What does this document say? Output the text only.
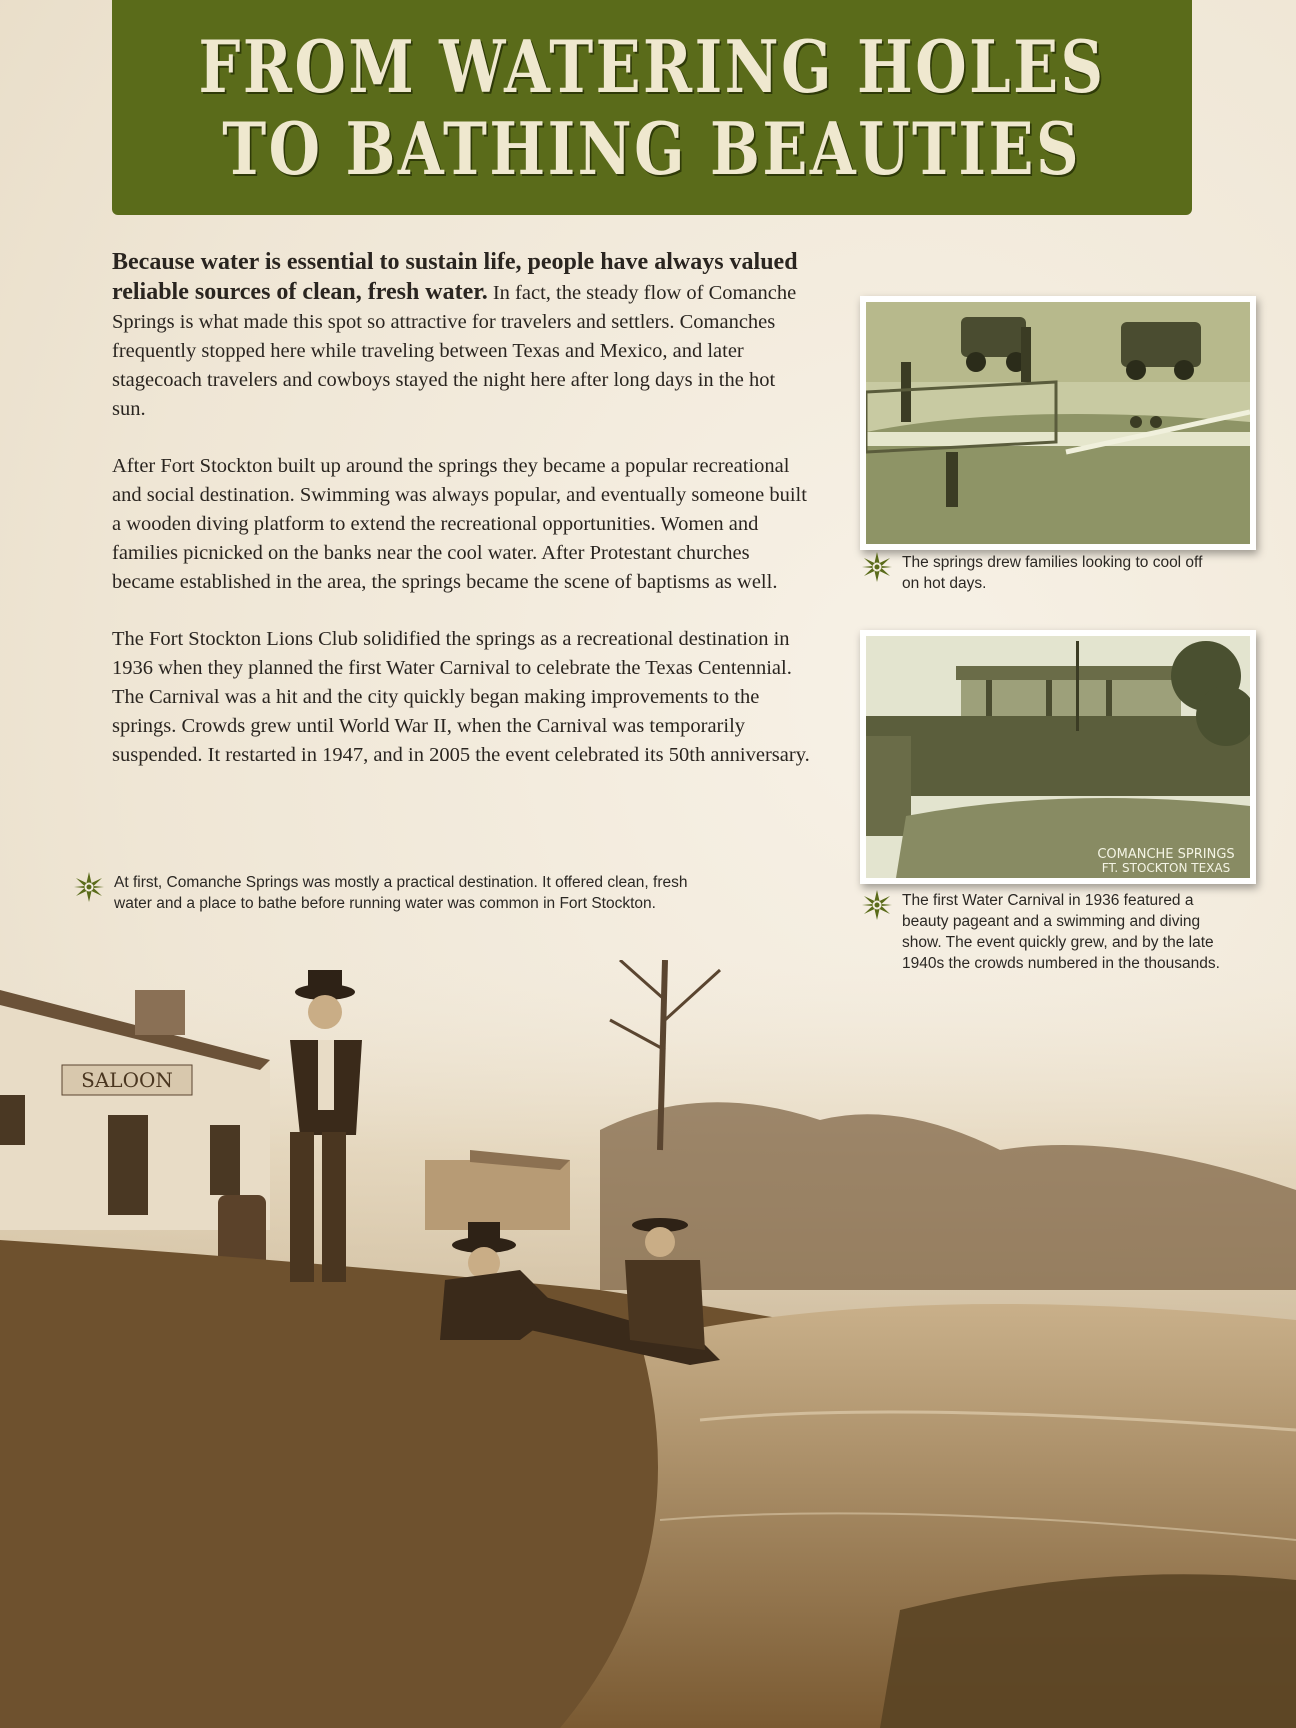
FROM WATERING HOLES
TO BATHING BEAUTIES

Because water is essential to sustain life, people have always valued reliable sources of clean, fresh water. In fact, the steady flow of Comanche Springs is what made this spot so attractive for travelers and settlers. Comanches frequently stopped here while traveling between Texas and Mexico, and later stagecoach travelers and cowboys stayed the night here after long days in the hot sun.

After Fort Stockton built up around the springs they became a popular recreational and social destination. Swimming was always popular, and eventually someone built a wooden diving platform to extend the recreational opportunities. Women and families picnicked on the banks near the cool water. After Protestant churches became established in the area, the springs became the scene of baptisms as well.

The Fort Stockton Lions Club solidified the springs as a recreational destination in 1936 when they planned the first Water Carnival to celebrate the Texas Centennial. The Carnival was a hit and the city quickly began making improvements to the springs. Crowds grew until World War II, when the Carnival was temporarily suspended. It restarted in 1947, and in 2005 the event celebrated its 50th anniversary.

SALOON
The springs drew families looking to cool off on hot days.
COMANCHE SPRINGS
FT. STOCKTON TEXAS
The first Water Carnival in 1936 featured a beauty pageant and a swimming and diving show. The event quickly grew, and by the late 1940s the crowds numbered in the thousands.
At first, Comanche Springs was mostly a practical destination. It offered clean, fresh water and a place to bathe before running water was common in Fort Stockton.
